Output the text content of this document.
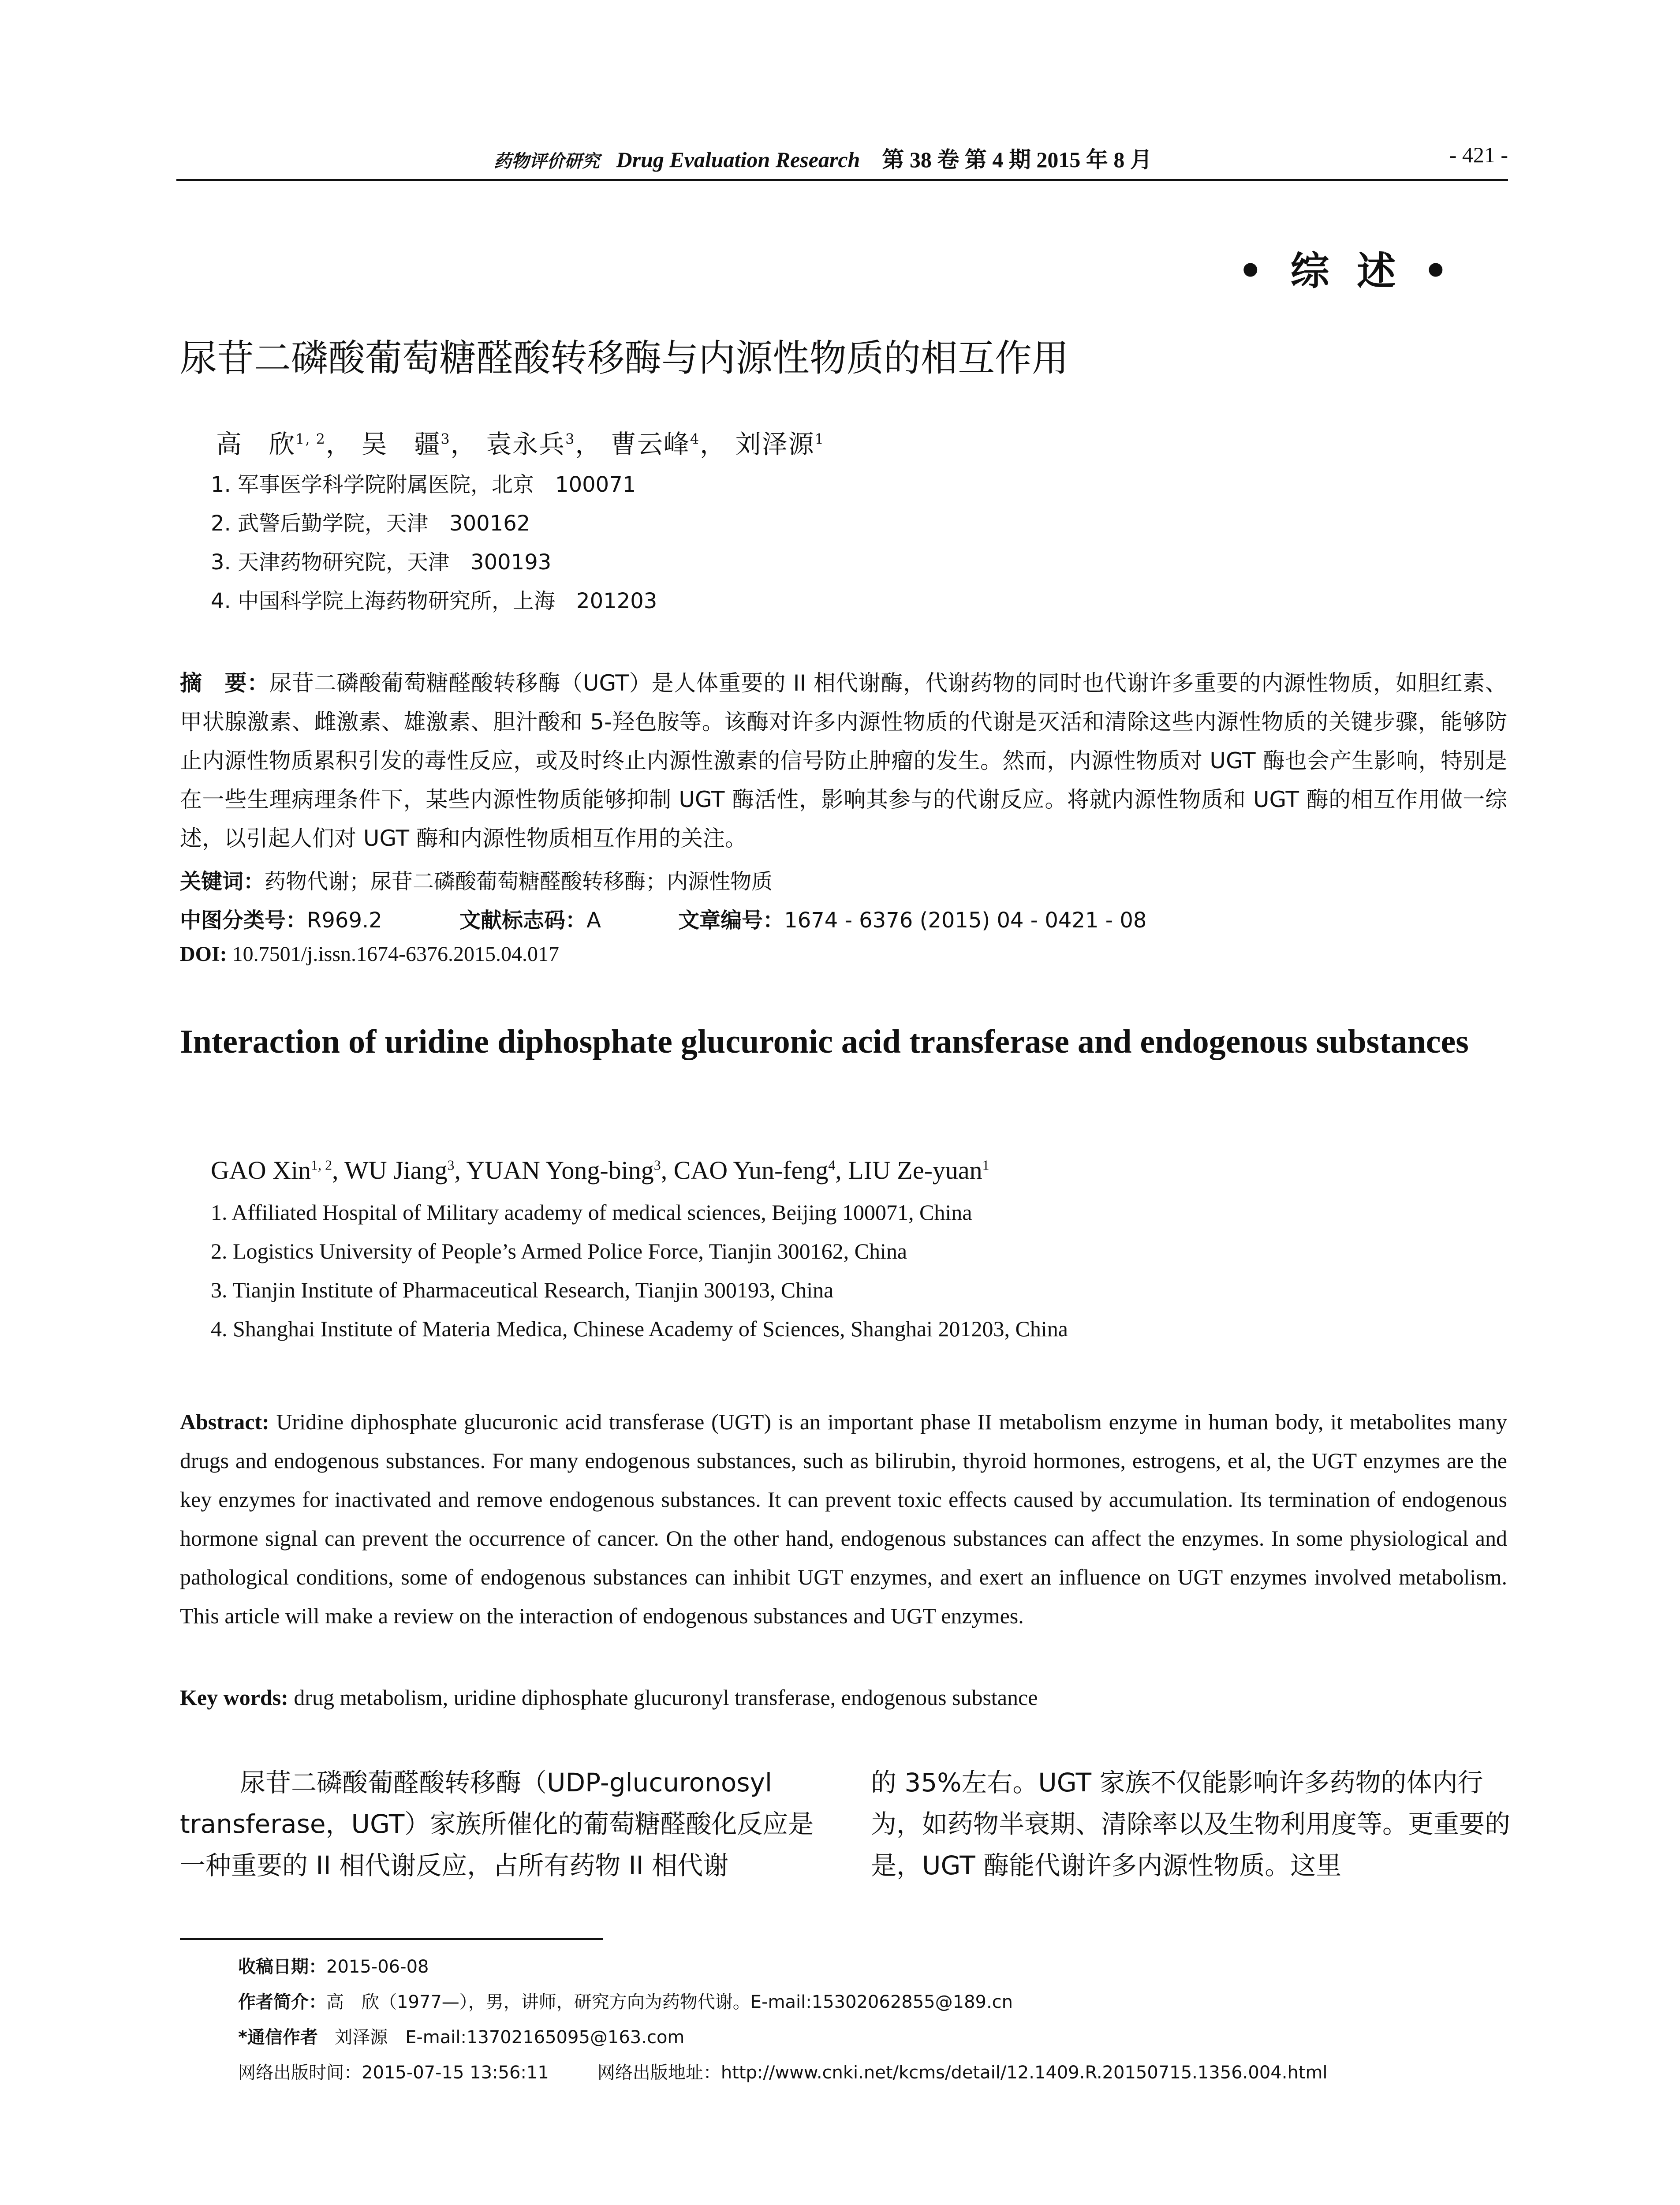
药物评价研究 Drug Evaluation Research 第 38 卷 第 4 期 2015 年 8 月	- 421 -
• 综 述 •
尿苷二磷酸葡萄糖醛酸转移酶与内源性物质的相互作用
高　欣$^{1, 2}$， 吴　疆$^3$， 袁永兵$^3$， 曹云峰$^4$， 刘泽源$^1$
1. 军事医学科学院附属医院，北京　100071
2. 武警后勤学院，天津　300162
3. 天津药物研究院，天津　300193
4. 中国科学院上海药物研究所，上海　201203
摘　要：尿苷二磷酸葡萄糖醛酸转移酶（UGT）是人体重要的 II 相代谢酶，代谢药物的同时也代谢许多重要的内源性物质，如胆红素、甲状腺激素、雌激素、雄激素、胆汁酸和 5-羟色胺等。该酶对许多内源性物质的代谢是灭活和清除这些内源性物质的关键步骤，能够防止内源性物质累积引发的毒性反应，或及时终止内源性激素的信号防止肿瘤的发生。然而，内源性物质对 UGT 酶也会产生影响，特别是在一些生理病理条件下，某些内源性物质能够抑制 UGT 酶活性，影响其参与的代谢反应。将就内源性物质和 UGT 酶的相互作用做一综述，以引起人们对 UGT 酶和内源性物质相互作用的关注。
关键词：药物代谢；尿苷二磷酸葡萄糖醛酸转移酶；内源性物质
中图分类号：R969.2	文献标志码：A	文章编号：1674 - 6376 (2015) 04 - 0421 - 08
DOI: 10.7501/j.issn.1674-6376.2015.04.017
Interaction of uridine diphosphate glucuronic acid transferase and endogenous substances
GAO Xin$^{1, 2}$, WU Jiang$^3$, YUAN Yong-bing$^3$, CAO Yun-feng$^4$, LIU Ze-yuan$^1$
1. Affiliated Hospital of Military academy of medical sciences, Beijing 100071, China
2. Logistics University of People’s Armed Police Force, Tianjin 300162, China
3. Tianjin Institute of Pharmaceutical Research, Tianjin 300193, China
4. Shanghai Institute of Materia Medica, Chinese Academy of Sciences, Shanghai 201203, China
Abstract: Uridine diphosphate glucuronic acid transferase (UGT) is an important phase II metabolism enzyme in human body, it metabolites many drugs and endogenous substances. For many endogenous substances, such as bilirubin, thyroid hormones, estrogens, et al, the UGT enzymes are the key enzymes for inactivated and remove endogenous substances. It can prevent toxic effects caused by accumulation. Its termination of endogenous hormone signal can prevent the occurrence of cancer. On the other hand, endogenous substances can affect the enzymes. In some physiological and pathological conditions, some of endogenous substances can inhibit UGT enzymes, and exert an influence on UGT enzymes involved metabolism. This article will make a review on the interaction of endogenous substances and UGT enzymes.
Key words: drug metabolism, uridine diphosphate glucuronyl transferase, endogenous substance
尿苷二磷酸葡醛酸转移酶（UDP-glucuronosyl transferase，UGT）家族所催化的葡萄糖醛酸化反应是一种重要的 II 相代谢反应，占所有药物 II 相代谢
的 35%左右。UGT 家族不仅能影响许多药物的体内行为，如药物半衰期、清除率以及生物利用度等。更重要的是，UGT 酶能代谢许多内源性物质。这里
收稿日期：2015-06-08
作者简介：高　欣（1977—），男，讲师，研究方向为药物代谢。E-mail:15302062855@189.cn
*通信作者 刘泽源　E-mail:13702165095@163.com
网络出版时间：2015-07-15 13:56:11	网络出版地址：http://www.cnki.net/kcms/detail/12.1409.R.20150715.1356.004.html
